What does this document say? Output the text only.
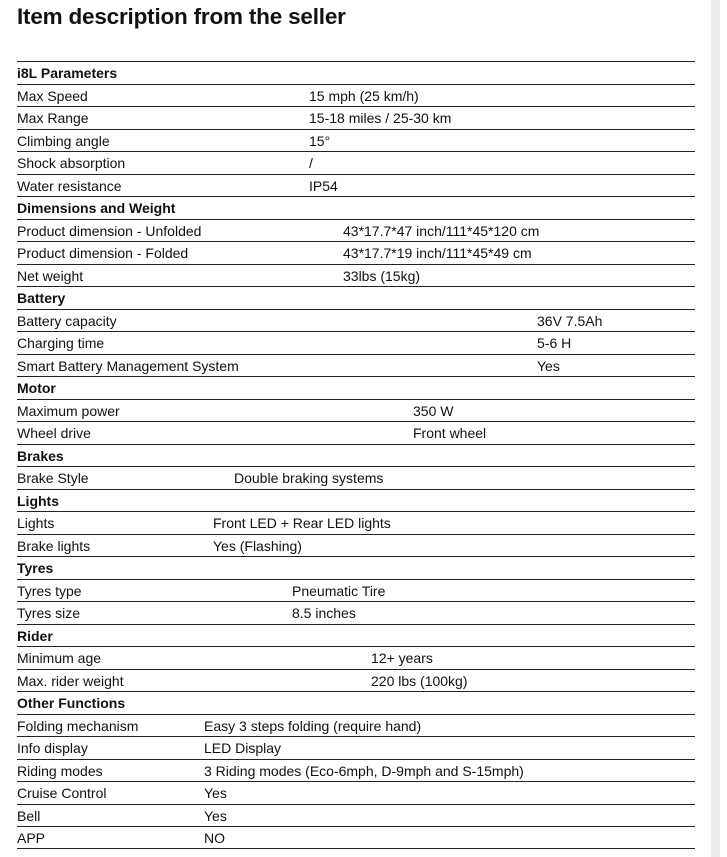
Item description from the seller
i8L Parameters
Max Speed	15 mph (25 km/h)
Max Range	15-18 miles / 25-30 km
Climbing angle	15°
Shock absorption	/
Water resistance	IP54
Dimensions and Weight
Product dimension - Unfolded	43*17.7*47 inch/111*45*120 cm
Product dimension - Folded	43*17.7*19 inch/111*45*49 cm
Net weight	33lbs (15kg)
Battery
Battery capacity	36V 7.5Ah
Charging time	5-6 H
Smart Battery Management System	Yes
Motor
Maximum power	350 W
Wheel drive	Front wheel
Brakes
Brake Style	Double braking systems
Lights
Lights	Front LED + Rear LED lights
Brake lights	Yes (Flashing)
Tyres
Tyres type	Pneumatic Tire
Tyres size	8.5 inches
Rider
Minimum age	12+ years
Max. rider weight	220 lbs (100kg)
Other Functions
Folding mechanism	Easy 3 steps folding (require hand)
Info display	LED Display
Riding modes	3 Riding modes (Eco-6mph, D-9mph and S-15mph)
Cruise Control	Yes
Bell	Yes
APP	NO
